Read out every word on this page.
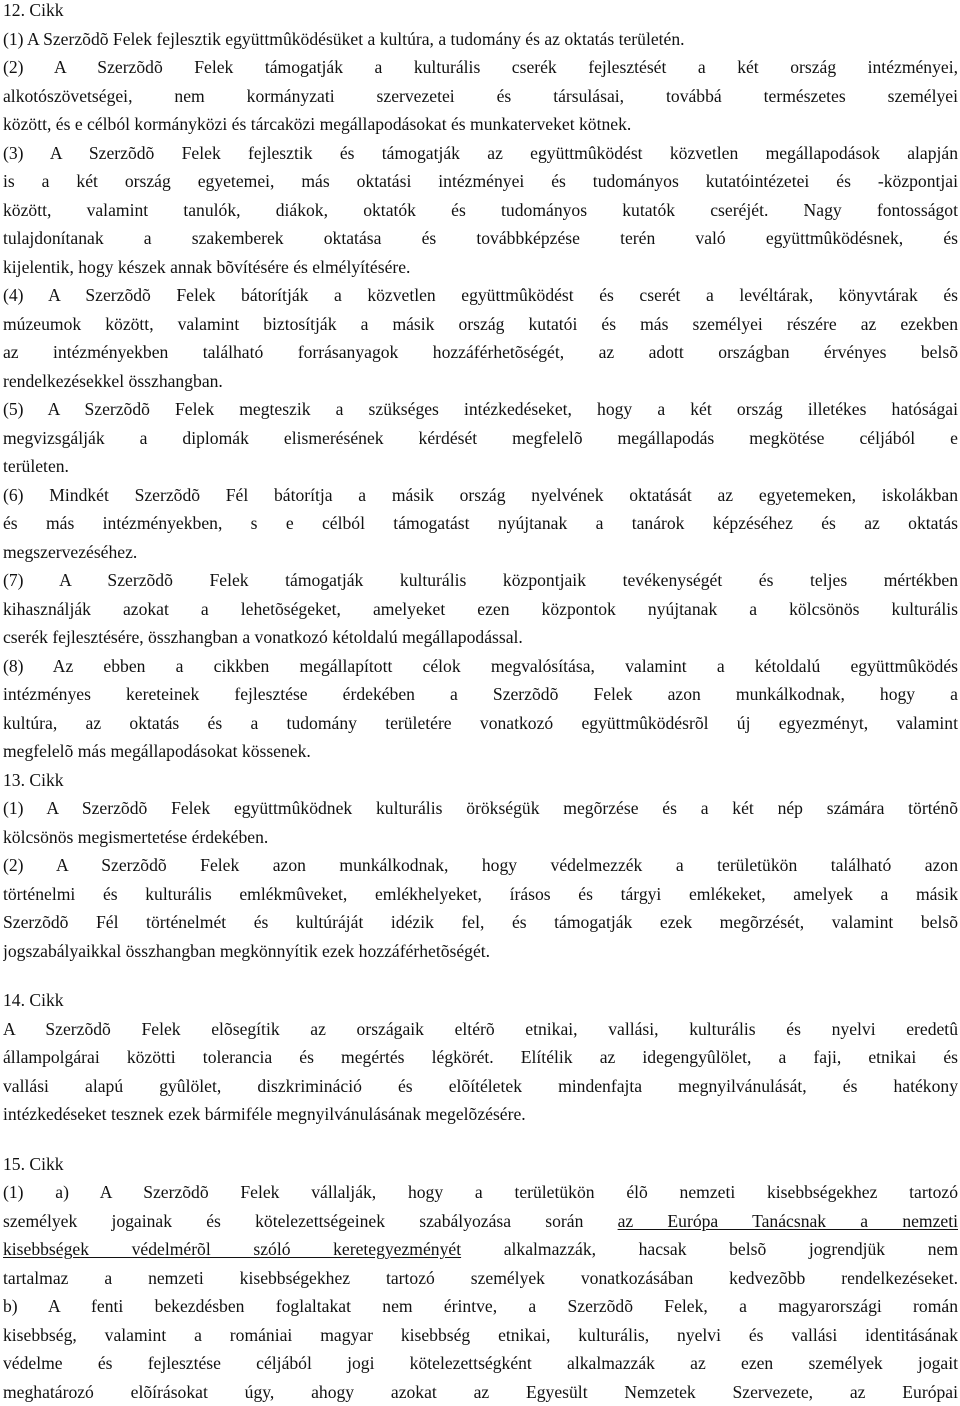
12. Cikk
(1) A Szerzõdõ Felek fejlesztik együttmûködésüket a kultúra, a tudomány és az oktatás területén.
(2) A Szerzõdõ Felek támogatják a kulturális cserék fejlesztését a két ország intézményei,
alkotószövetségei, nem kormányzati szervezetei és társulásai, továbbá természetes személyei
között, és e célból kormányközi és tárcaközi megállapodásokat és munkaterveket kötnek.
(3) A Szerzõdõ Felek fejlesztik és támogatják az együttmûködést közvetlen megállapodások alapján
is a két ország egyetemei, más oktatási intézményei és tudományos kutatóintézetei és -központjai
között, valamint tanulók, diákok, oktatók és tudományos kutatók cseréjét. Nagy fontosságot
tulajdonítanak a szakemberek oktatása és továbbképzése terén való együttmûködésnek, és
kijelentik, hogy készek annak bõvítésére és elmélyítésére.
(4) A Szerzõdõ Felek bátorítják a közvetlen együttmûködést és cserét a levéltárak, könyvtárak és
múzeumok között, valamint biztosítják a másik ország kutatói és más személyei részére az ezekben
az intézményekben található forrásanyagok hozzáférhetõségét, az adott országban érvényes belsõ
rendelkezésekkel összhangban.
(5) A Szerzõdõ Felek megteszik a szükséges intézkedéseket, hogy a két ország illetékes hatóságai
megvizsgálják a diplomák elismerésének kérdését megfelelõ megállapodás megkötése céljából e
területen.
(6) Mindkét Szerzõdõ Fél bátorítja a másik ország nyelvének oktatását az egyetemeken, iskolákban
és más intézményekben, s e célból támogatást nyújtanak a tanárok képzéséhez és az oktatás
megszervezéséhez.
(7) A Szerzõdõ Felek támogatják kulturális központjaik tevékenységét és teljes mértékben
kihasználják azokat a lehetõségeket, amelyeket ezen központok nyújtanak a kölcsönös kulturális
cserék fejlesztésére, összhangban a vonatkozó kétoldalú megállapodással.
(8) Az ebben a cikkben megállapított célok megvalósítása, valamint a kétoldalú együttmûködés
intézményes kereteinek fejlesztése érdekében a Szerzõdõ Felek azon munkálkodnak, hogy a
kultúra, az oktatás és a tudomány területére vonatkozó együttmûködésrõl új egyezményt, valamint
megfelelõ más megállapodásokat kössenek.
13. Cikk
(1) A Szerzõdõ Felek együttmûködnek kulturális örökségük megõrzése és a két nép számára történõ
kölcsönös megismertetése érdekében.
(2) A Szerzõdõ Felek azon munkálkodnak, hogy védelmezzék a területükön található azon
történelmi és kulturális emlékmûveket, emlékhelyeket, írásos és tárgyi emlékeket, amelyek a másik
Szerzõdõ Fél történelmét és kultúráját idézik fel, és támogatják ezek megõrzését, valamint belsõ
jogszabályaikkal összhangban megkönnyítik ezek hozzáférhetõségét.
14. Cikk
A Szerzõdõ Felek elõsegítik az országaik eltérõ etnikai, vallási, kulturális és nyelvi eredetû
állampolgárai közötti tolerancia és megértés légkörét. Elítélik az idegengyûlölet, a faji, etnikai és
vallási alapú gyûlölet, diszkrimináció és elõítéletek mindenfajta megnyilvánulását, és hatékony
intézkedéseket tesznek ezek bármiféle megnyilvánulásának megelõzésére.
15. Cikk
(1) a) A Szerzõdõ Felek vállalják, hogy a területükön élõ nemzeti kisebbségekhez tartozó
személyek jogainak és kötelezettségeinek szabályozása során az Európa Tanácsnak a nemzeti
kisebbségek védelmérõl szóló keretegyezményét alkalmazzák, hacsak belsõ jogrendjük nem
tartalmaz a nemzeti kisebbségekhez tartozó személyek vonatkozásában kedvezõbb rendelkezéseket.
b) A fenti bekezdésben foglaltakat nem érintve, a Szerzõdõ Felek, a magyarországi román
kisebbség, valamint a romániai magyar kisebbség etnikai, kulturális, nyelvi és vallási identitásának
védelme és fejlesztése céljából jogi kötelezettségként alkalmazzák az ezen személyek jogait
meghatározó elõírásokat úgy, ahogy azokat az Egyesült Nemzetek Szervezete, az Európai
